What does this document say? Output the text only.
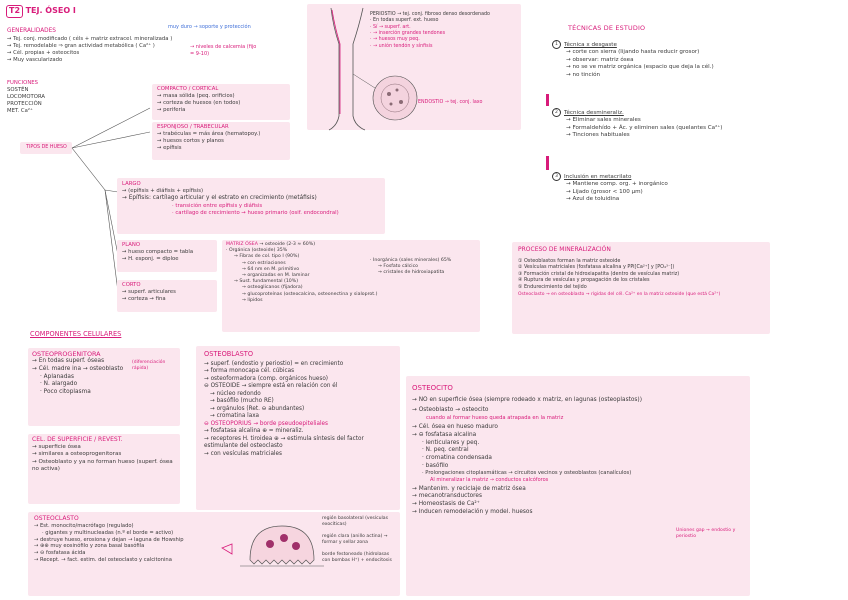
T2 TEJ. ÓSEO I
GENERALIDADES
→ Tej. conj. modificado ( céls + matriz extracel. mineralizada )
→ Tej. remodelable ⇒ gran actividad metabólica ( Ca²⁺ )
→ Cél. propias + osteocitos
→ Muy vascularizado
muy duro → soporte y protección
→ niveles de calcemia (fijo = 9-10)
FUNCIONES
SOSTÉN
LOCOMOTORA
PROTECCIÓN
MET. Ca²⁺
TIPOS DE HUESO
COMPACTO / CORTICAL
→ masa sólida (peq. orificios)
→ corteza de huesos (en todos)
→ periferia
ESPONJOSO / TRABECULAR
→ trabéculas = más área (hematopoy.)
→ huesos cortos y planos
→ epífisis
LARGO
→ (epífisis + diáfisis + epífisis)
→ Epífisis: cartílago articular y el estrato en crecimiento (metáfisis)
· transición entre epífisis y diáfisis
· cartílago de crecimiento → hueso primario (osif. endocondral)
PLANO
→ hueso compacto = tabla
→ H. esponj. = diploe
CORTO
→ superf. articulares
→ corteza → fina
MATRIZ ÓSEA → osteoide (2-3 ≈ 60%)
· Orgánica (osteoide) 35%
→ Fibras de col. tipo I (90%)
→ con estriaciones
→ 64 nm en M. primitivo
→ organizadas en M. laminar
→ Sust. fundamental (10%)
→ osteoglicanos (fijadora)
→ glucoproteínas (osteocalcina, osteonectina y sialoprot.)
→ lípidos
· Inorgánica (sales minerales) 65%
→ Fosfato cálcico
→ cristales de hidroxiapatita
PERIOSTIO → tej. conj. fibroso denso desordenado
· En todas superf. ext. hueso
· Sí → superf. art.
· → inserción grandes tendones
· → huesos muy peq.
· → unión tendón y sínfisis
ENDOSTIO → tej. conj. laxo
TÉCNICAS DE ESTUDIO
1 Técnica x desgaste
→ corte con sierra (lijando hasta reducir grosor)
→ observar: matriz ósea
→ no se ve matriz orgánica (espacio que deja la cél.)
→ no tinción
2 Técnica desmineraliz.
→ Eliminar sales minerales
→ Formaldehído + Ác. y eliminen sales (quelantes Ca²⁺)
→ Tinciones habituales
3 Inclusión en metacrilato
→ Mantiene comp. org. + inorgánico
→ Lijado (grosor < 100 µm)
→ Azul de toluidina
PROCESO DE MINERALIZACIÓN
① Osteoblastos forman la matriz osteoide
② Vesículas matriciales (fosfatasa alcalina y PPi[Ca²⁺] y [PO₄³⁻])
③ Formación cristal de hidroxiapatita (dentro de vesículas matriz)
④ Ruptura de vesículas y propagación de los cristales
⑤ Endurecimiento del tejido
Osteoclasto → en osteoblasto → rígidas del cél. Ca²⁺ en la matriz osteoide (que está Ca²⁺)
COMPONENTES CELULARES
OSTEOPROGENITORA
→ En todas superf. óseas
→ Cél. madre ina → osteoblasto
· Aplanadas
· N. alargado
· Poco citoplasma
(diferenciación rápida)
CEL. DE SUPERFICIE / REVEST.
→ superficie ósea
→ similares a osteoprogenitoras
→ Osteoblasto y ya no forman hueso (superf. ósea no activa)
OSTEOBLASTO
→ superf. (endostio y periostio) = en crecimiento
→ forma monocapa cél. cúbicas
→ osteoformadora (comp. orgánicos hueso)
⊖ OSTEOIDE → siempre está en relación con él
→ núcleo redondo
→ basófilo (mucho RE)
→ orgánulos (Ret. ⊖ abundantes)
→ cromatina laxa
⊖ OSTEOPORIUS → borde pseudoepiteliales
→ fosfatasa alcalina ⊕ = mineraliz.
→ receptores H. tiroidea ⊕ → estimula síntesis del factor estimulante del osteoclasto
→ con vesículas matriciales
OSTEOCITO
→ NO en superficie ósea (siempre rodeado x matriz, en lagunas (osteoplastos))
→ Osteoblasto → osteocito
cuando al formar hueso queda atrapada en la matriz
→ Cél. ósea en hueso maduro
→ ⊖ fosfatasa alcalina
· lenticulares y peq.
· N. peq. central
· cromatina condensada
· basófilo
· Prolongaciones citoplasmáticas → circuitos vecinos y osteoblastos (canalículos)
Al mineralizar la matriz → conductos calcóforos
→ Mantenim. y reciclaje de matriz ósea
→ mecanotransductores
→ Homeostasis de Ca²⁺
→ Inducen remodelación y model. huesos
Uniones gap → endostio y periostio
OSTEOCLASTO
→ Est. monocito/macrófago (regulado)
· gigantes y multinucleadas (n.º el borde = activo)
→ destruye hueso, erosiona y dejan → laguna de Howship
→ ⊕⊕ muy eosinófilo y zona basal basófila
→ ⊖ fosfatasa ácida
→ Recept. → fact. estim. del osteoclasto y calcitonina
región basolateral (vesículas exocíticas)
región clara (anillo actina) → formar y sellar zona
borde festoneado (hidrolasas con bombas H⁺) + endocitosis
